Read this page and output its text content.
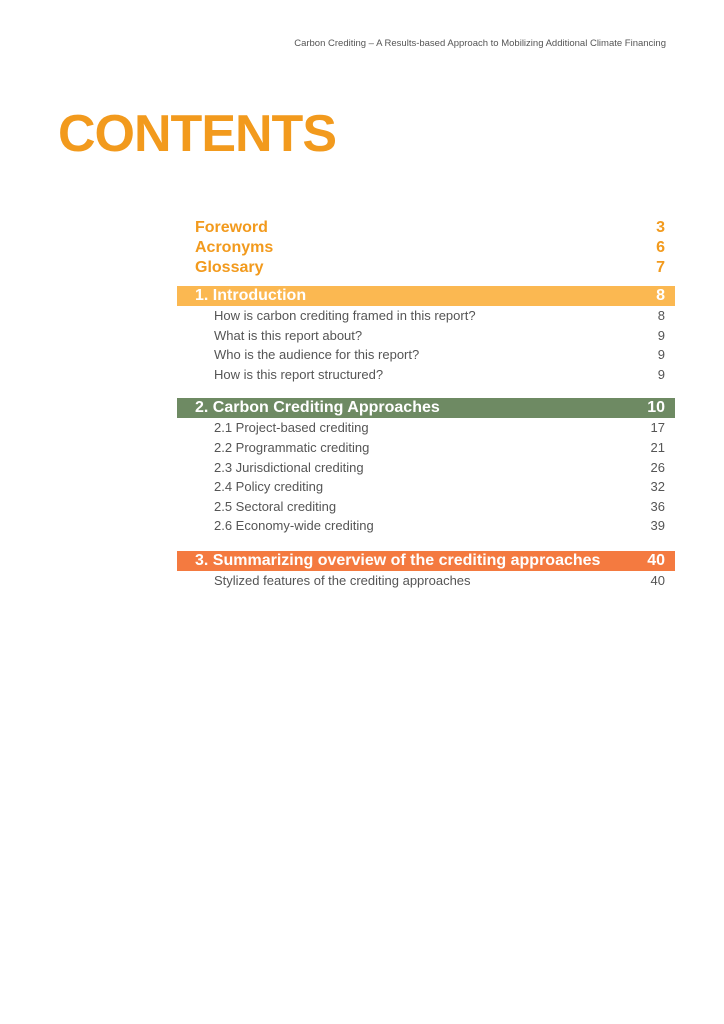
Carbon Crediting – A Results-based Approach to Mobilizing Additional Climate Financing
CONTENTS
Foreword	3
Acronyms	6
Glossary	7
1. Introduction	8
How is carbon crediting framed in this report?	8
What is this report about?	9
Who is the audience for this report?	9
How is this report structured?	9
2. Carbon Crediting Approaches	10
2.1 Project-based crediting	17
2.2 Programmatic crediting	21
2.3 Jurisdictional crediting	26
2.4 Policy crediting	32
2.5 Sectoral crediting	36
2.6 Economy-wide crediting	39
3. Summarizing overview of the crediting approaches	40
Stylized features of the crediting approaches	40
